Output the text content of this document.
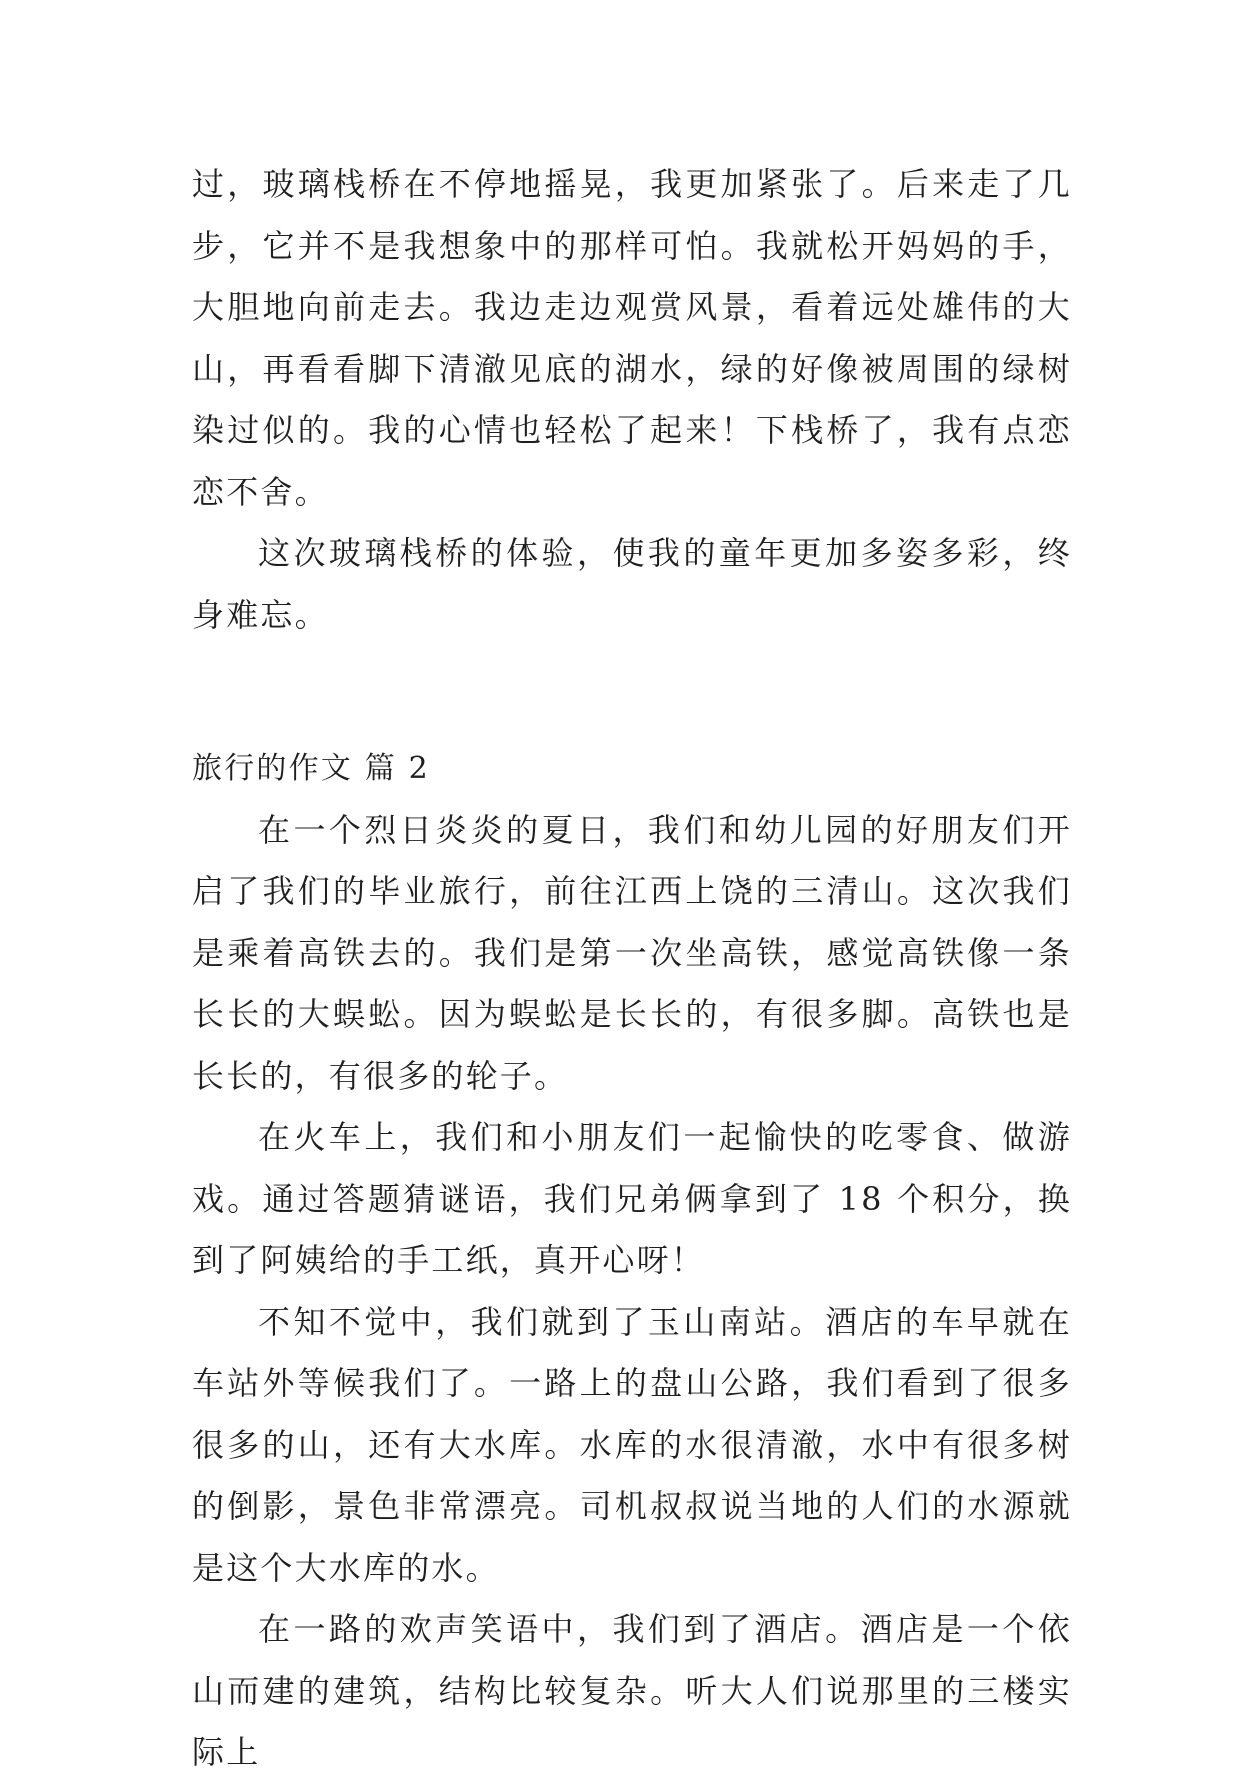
过，玻璃栈桥在不停地摇晃，我更加紧张了。后来走了几步，它并不是我想象中的那样可怕。我就松开妈妈的手，大胆地向前走去。我边走边观赏风景，看着远处雄伟的大山，再看看脚下清澈见底的湖水，绿的好像被周围的绿树染过似的。我的心情也轻松了起来！下栈桥了，我有点恋恋不舍。

这次玻璃栈桥的体验，使我的童年更加多姿多彩，终身难忘。

旅行的作文 篇 2

在一个烈日炎炎的夏日，我们和幼儿园的好朋友们开启了我们的毕业旅行，前往江西上饶的三清山。这次我们是乘着高铁去的。我们是第一次坐高铁，感觉高铁像一条长长的大蜈蚣。因为蜈蚣是长长的，有很多脚。高铁也是长长的，有很多的轮子。

在火车上，我们和小朋友们一起愉快的吃零食、做游戏。通过答题猜谜语，我们兄弟俩拿到了 18 个积分，换到了阿姨给的手工纸，真开心呀！

不知不觉中，我们就到了玉山南站。酒店的车早就在车站外等候我们了。一路上的盘山公路，我们看到了很多很多的山，还有大水库。水库的水很清澈，水中有很多树的倒影，景色非常漂亮。司机叔叔说当地的人们的水源就是这个大水库的水。

在一路的欢声笑语中，我们到了酒店。酒店是一个依山而建的建筑，结构比较复杂。听大人们说那里的三楼实际上
